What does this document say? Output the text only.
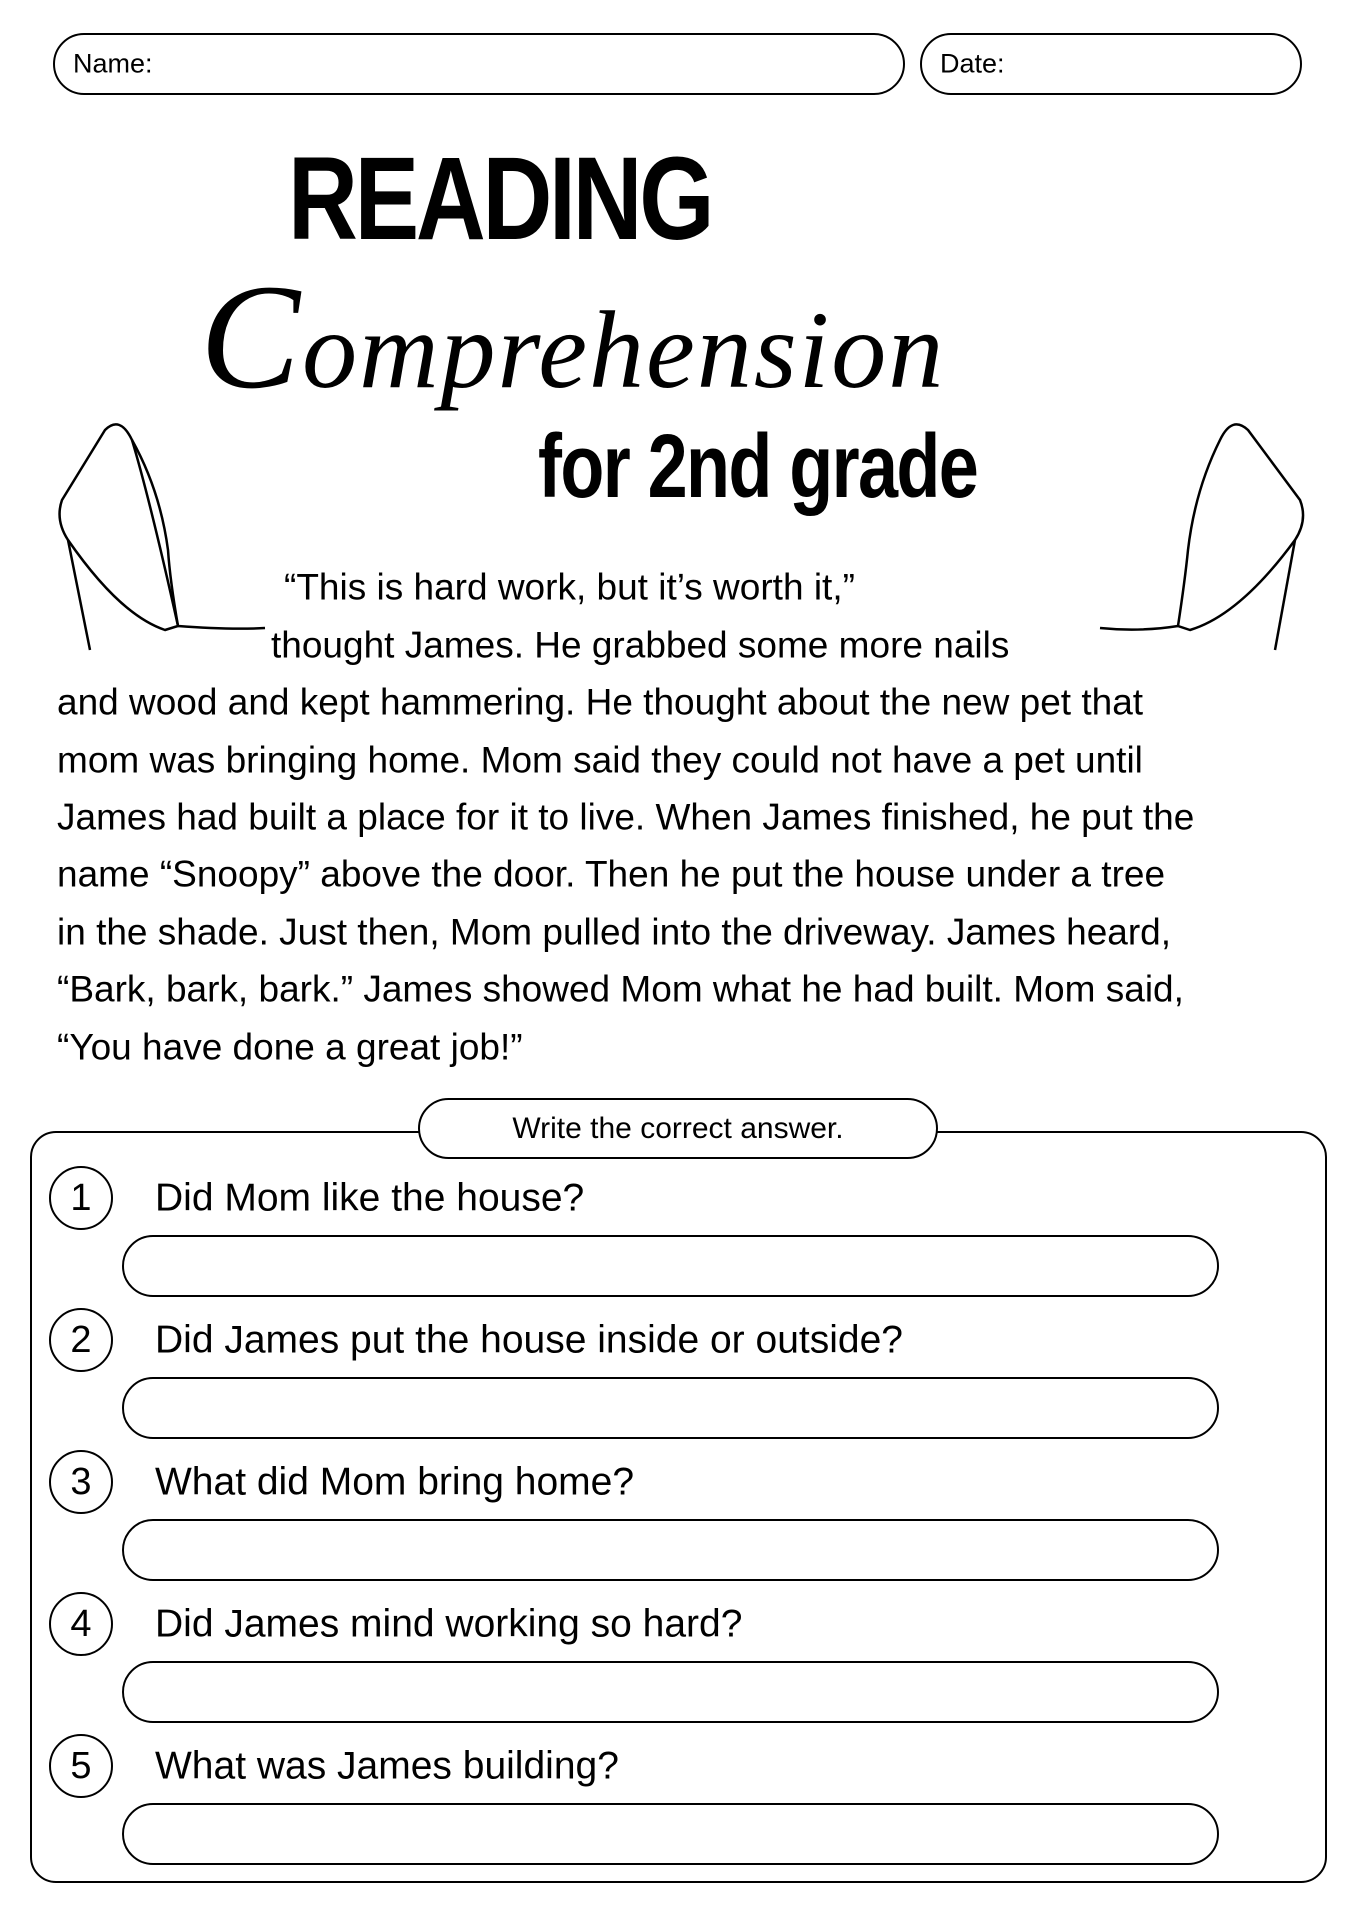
Name:	Date:
READING
Comprehension
for 2nd grade
“This is hard work, but it’s worth it,”
thought James. He grabbed some more nails
and wood and kept hammering. He thought about the new pet that
mom was bringing home. Mom said they could not have a pet until
James had built a place for it to live. When James finished, he put the
name “Snoopy” above the door. Then he put the house under a tree
in the shade. Just then, Mom pulled into the driveway. James heard,
“Bark, bark, bark.” James showed Mom what he had built. Mom said,
“You have done a great job!”
Write the correct answer.
1	Did Mom like the house?
2	Did James put the house inside or outside?
3	What did Mom bring home?
4	Did James mind working so hard?
5	What was James building?
